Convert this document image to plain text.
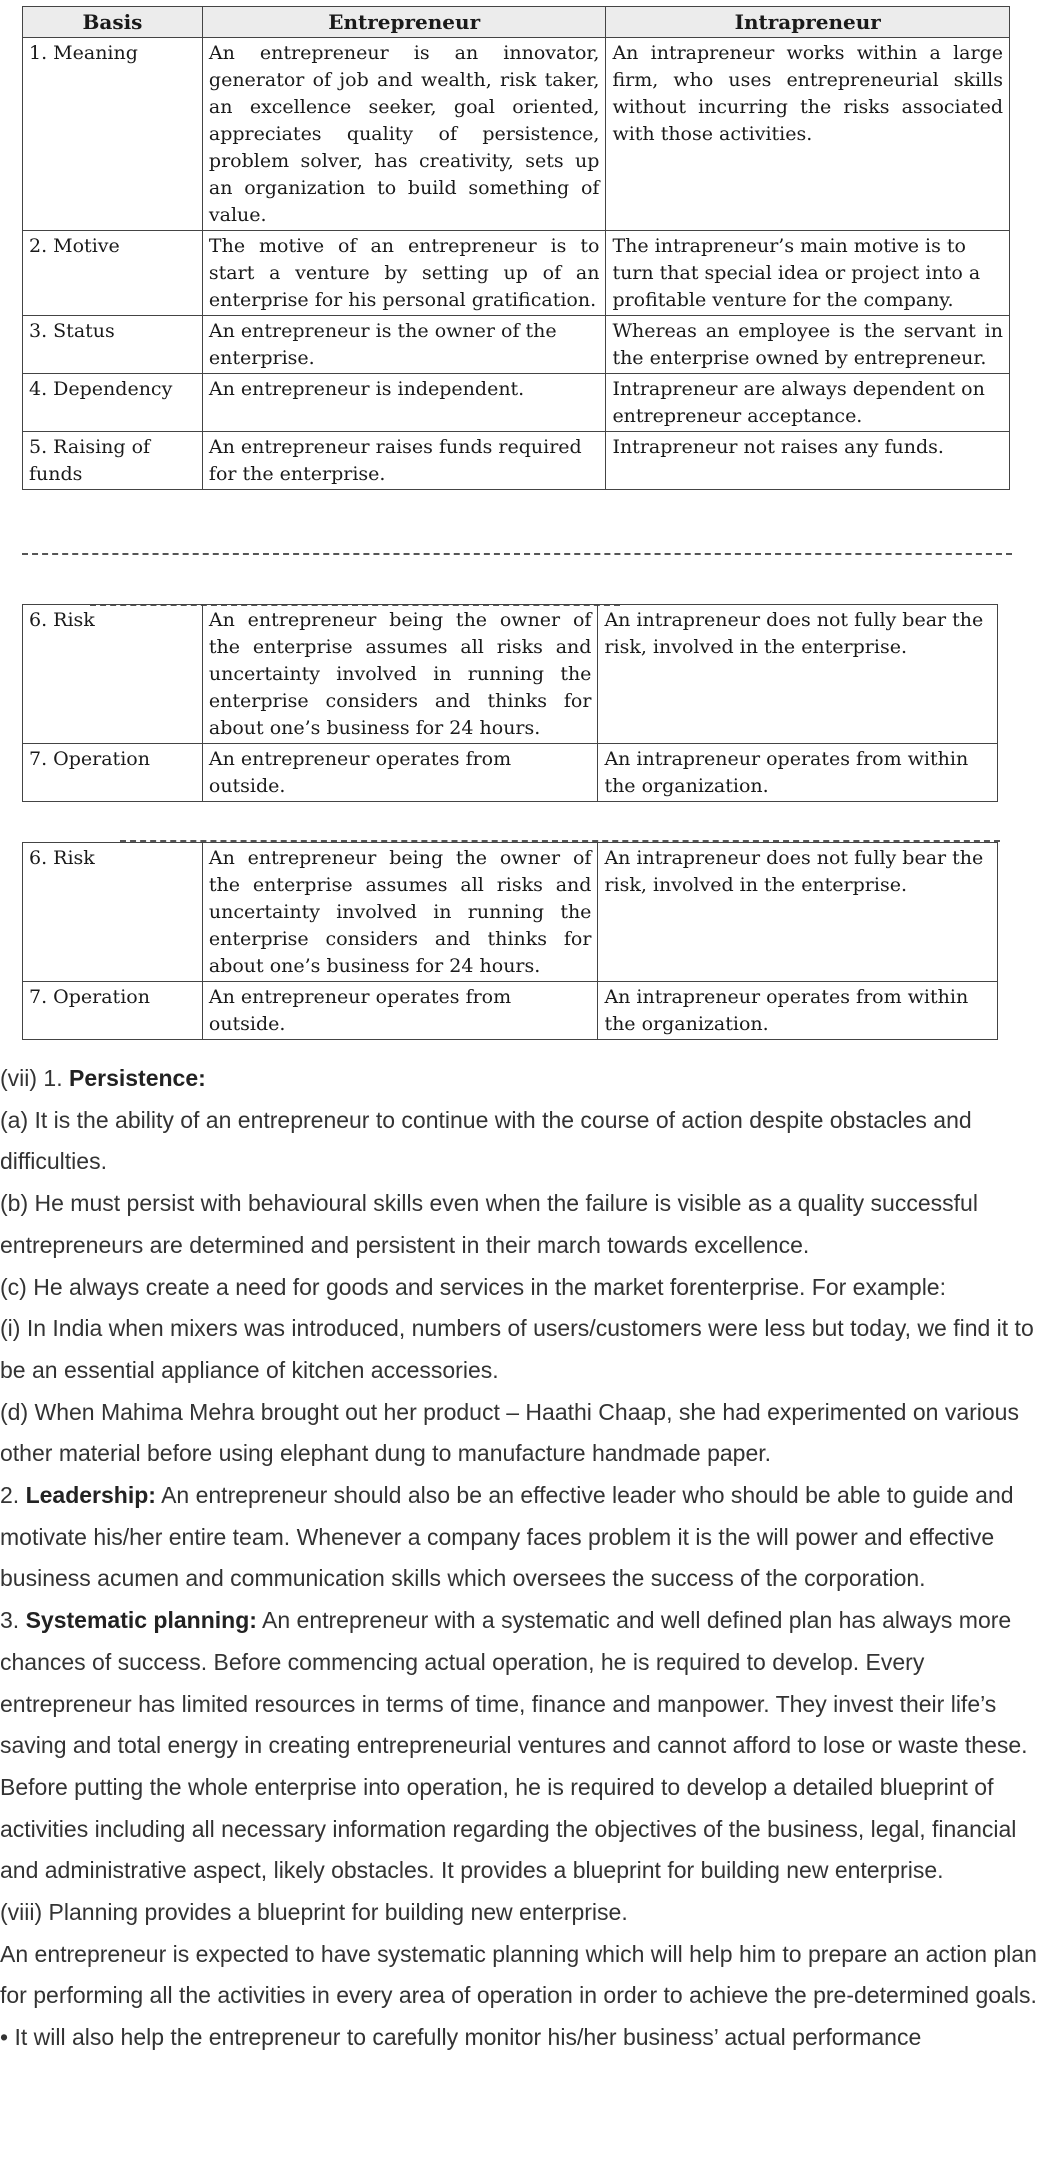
Basis	Entrepreneur	Intrapreneur
1. Meaning	An entrepreneur is an innovator, generator of job and wealth, risk taker, an excellence seeker, goal oriented, appreciates quality of persistence, problem solver, has creativity, sets up an organization to build something of value.	An intrapreneur works within a large firm, who uses entrepreneurial skills without incurring the risks associated with those activities.
2. Motive	The motive of an entrepreneur is to start a venture by setting up of an enterprise for his personal gratification.	The intrapreneur’s main motive is to turn that special idea or project into a profitable venture for the company.
3. Status	An entrepreneur is the owner of the enterprise.	Whereas an employee is the servant in the enterprise owned by entrepreneur.
4. Dependency	An entrepreneur is independent.	Intrapreneur are always dependent on entrepreneur acceptance.
5. Raising of funds	An entrepreneur raises funds required for the enterprise.	Intrapreneur not raises any funds.
6. Risk	An entrepreneur being the owner of the enterprise assumes all risks and uncertainty involved in running the enterprise considers and thinks for about one’s business for 24 hours.	An intrapreneur does not fully bear the risk, involved in the enterprise.
7. Operation	An entrepreneur operates from outside.	An intrapreneur operates from within the organization.
6. Risk	An entrepreneur being the owner of the enterprise assumes all risks and uncertainty involved in running the enterprise considers and thinks for about one’s business for 24 hours.	An intrapreneur does not fully bear the risk, involved in the enterprise.
7. Operation	An entrepreneur operates from outside.	An intrapreneur operates from within the organization.

(vii) 1. Persistence:

(a) It is the ability of an entrepreneur to continue with the course of action despite obstacles and difficulties.

(b) He must persist with behavioural skills even when the failure is visible as a quality successful entrepreneurs are determined and persistent in their march towards excellence.

(c) He always create a need for goods and services in the market forenterprise. For example:

(i) In India when mixers was introduced, numbers of users/customers were less but today, we find it to be an essential appliance of kitchen accessories.

(d) When Mahima Mehra brought out her product – Haathi Chaap, she had experimented on various other material before using elephant dung to manufacture handmade paper.

2. Leadership: An entrepreneur should also be an effective leader who should be able to guide and motivate his/her entire team. Whenever a company faces problem it is the will power and effective business acumen and communication skills which oversees the success of the corporation.

3. Systematic planning: An entrepreneur with a systematic and well defined plan has always more chances of success. Before commencing actual operation, he is required to develop. Every entrepreneur has limited resources in terms of time, finance and manpower. They invest their life’s saving and total energy in creating entrepreneurial ventures and cannot afford to lose or waste these. Before putting the whole enterprise into operation, he is required to develop a detailed blueprint of activities including all necessary information regarding the objectives of the business, legal, financial and administrative aspect, likely obstacles. It provides a blueprint for building new enterprise.

(viii) Planning provides a blueprint for building new enterprise.

An entrepreneur is expected to have systematic planning which will help him to prepare an action plan for performing all the activities in every area of operation in order to achieve the pre-determined goals.

• It will also help the entrepreneur to carefully monitor his/her business’ actual performance
